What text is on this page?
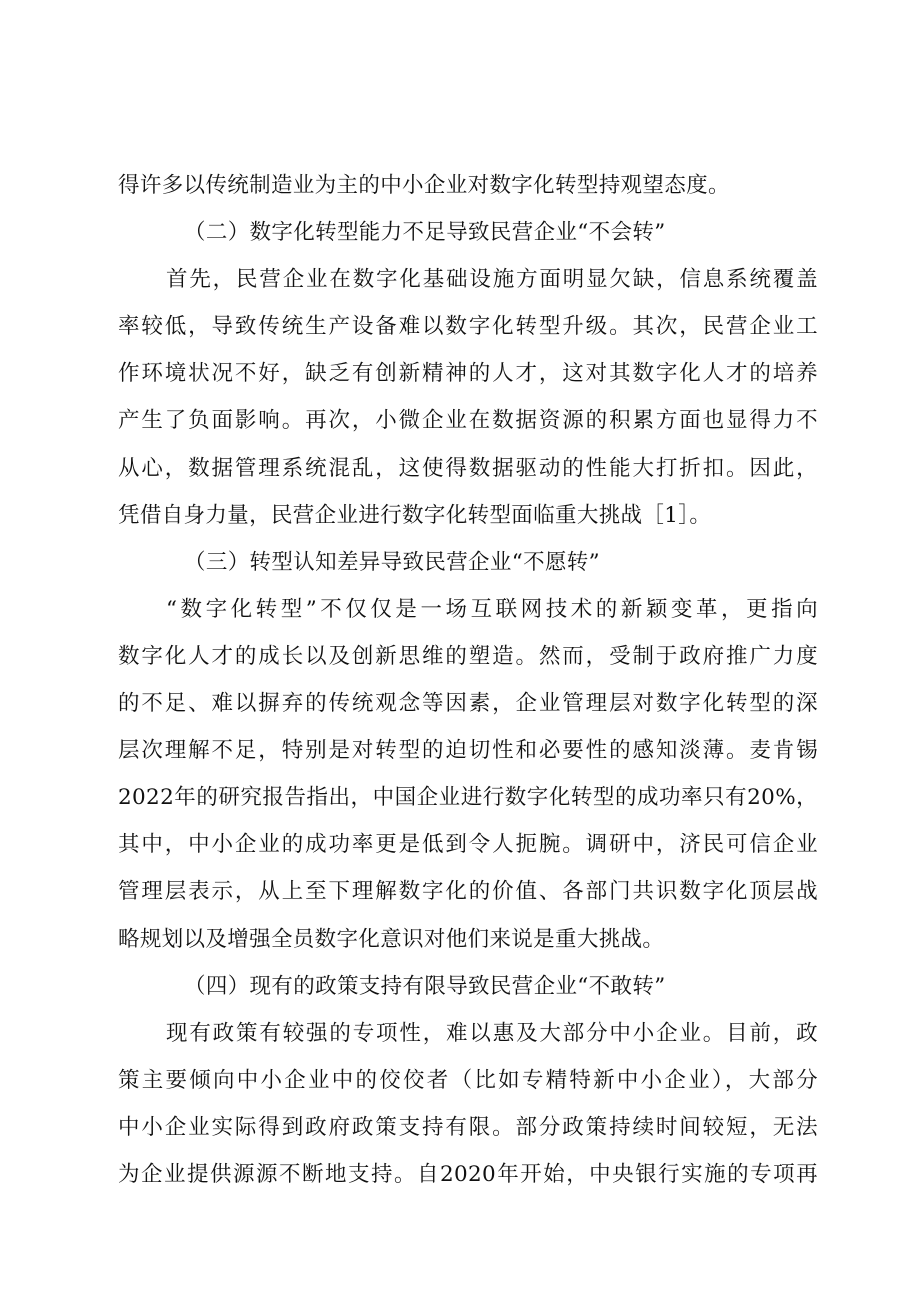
得许多以传统制造业为主的中小企业对数字化转型持观望态度。
（二）数字化转型能力不足导致民营企业“不会转”
首先，民营企业在数字化基础设施方面明显欠缺，信息系统覆盖
率较低，导致传统生产设备难以数字化转型升级。其次，民营企业工
作环境状况不好，缺乏有创新精神的人才，这对其数字化人才的培养
产生了负面影响。再次，小微企业在数据资源的积累方面也显得力不
从心，数据管理系统混乱，这使得数据驱动的性能大打折扣。因此，
凭借自身力量，民营企业进行数字化转型面临重大挑战［1］。
（三）转型认知差异导致民营企业“不愿转”
“数字化转型”不仅仅是一场互联网技术的新颖变革，更指向
数字化人才的成长以及创新思维的塑造。然而，受制于政府推广力度
的不足、难以摒弃的传统观念等因素，企业管理层对数字化转型的深
层次理解不足，特别是对转型的迫切性和必要性的感知淡薄。麦肯锡
2022年的研究报告指出，中国企业进行数字化转型的成功率只有20%，
其中，中小企业的成功率更是低到令人扼腕。调研中，济民可信企业
管理层表示，从上至下理解数字化的价值、各部门共识数字化顶层战
略规划以及增强全员数字化意识对他们来说是重大挑战。
（四）现有的政策支持有限导致民营企业“不敢转”
现有政策有较强的专项性，难以惠及大部分中小企业。目前，政
策主要倾向中小企业中的佼佼者（比如专精特新中小企业），大部分
中小企业实际得到政府政策支持有限。部分政策持续时间较短，无法
为企业提供源源不断地支持。自2020年开始，中央银行实施的专项再
